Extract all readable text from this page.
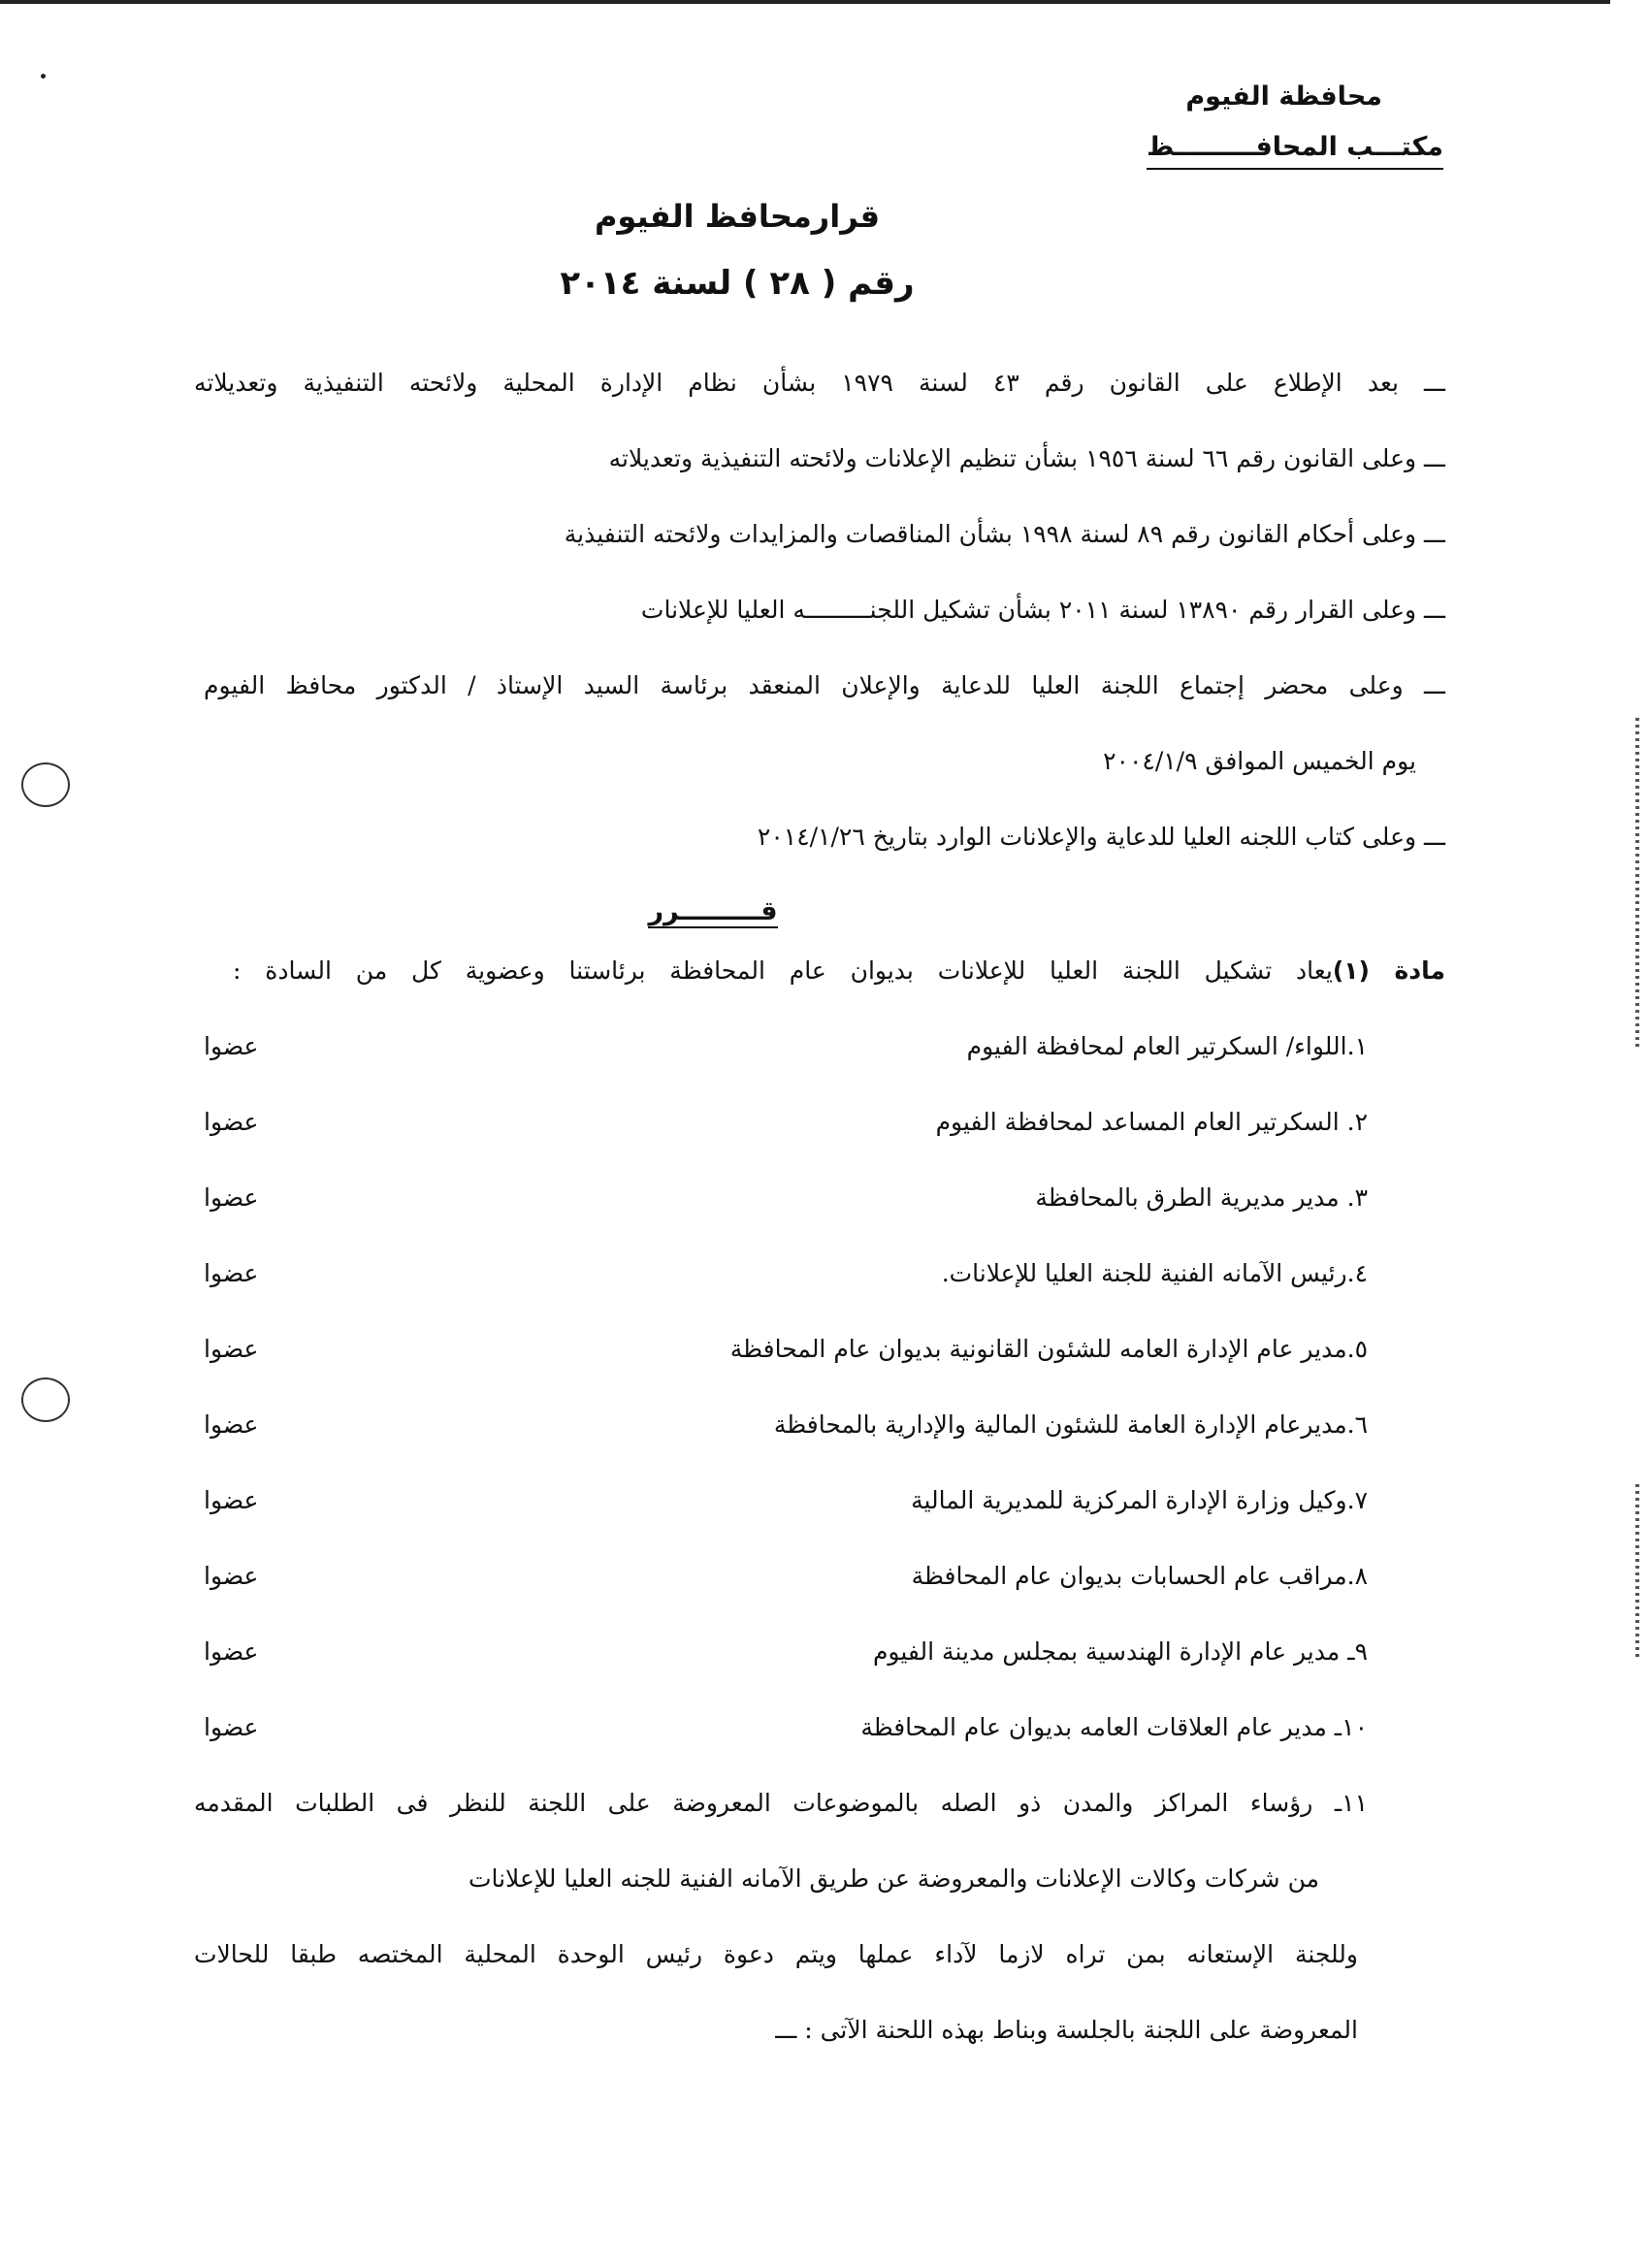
محافظة الفيوم
مكتـــب المحافـــــــــظ
قرارمحافظ الفيوم
رقم ( ٢٨ ) لسنة ٢٠١٤
ـــ بعد الإطلاع على القانون رقم ٤٣ لسنة ١٩٧٩ بشأن نظام الإدارة المحلية ولائحته التنفيذية وتعديلاته
ـــ وعلى القانون رقم ٦٦ لسنة ١٩٥٦ بشأن تنظيم الإعلانات ولائحته التنفيذية وتعديلاته
ـــ وعلى أحكام القانون رقم ٨٩ لسنة ١٩٩٨ بشأن المناقصات والمزايدات ولائحته التنفيذية
ـــ وعلى القرار رقم ١٣٨٩٠ لسنة ٢٠١١ بشأن تشكيل اللجنـــــــــه العليا للإعلانات
ـــ وعلى محضر إجتماع اللجنة العليا للدعاية والإعلان المنعقد برئاسة السيد الإستاذ / الدكتور محافظ الفيوم
يوم الخميس الموافق ٢٠٠٤/١/٩
ـــ وعلى كتاب اللجنه العليا للدعاية والإعلانات الوارد بتاريخ ٢٠١٤/١/٢٦
قـــــــــرر
مادة (١)يعاد تشكيل اللجنة العليا للإعلانات بديوان عام المحافظة برئاستنا وعضوية كل من السادة :
١.اللواء/ السكرتير العام لمحافظة الفيوم
عضوا
٢. السكرتير العام المساعد لمحافظة الفيوم
عضوا
٣. مدير مديرية الطرق بالمحافظة
عضوا
٤.رئيس الآمانه الفنية للجنة العليا للإعلانات.
عضوا
٥.مدير عام الإدارة العامه للشئون القانونية بديوان عام المحافظة
عضوا
٦.مديرعام الإدارة العامة للشئون المالية والإدارية بالمحافظة
عضوا
٧.وكيل وزارة الإدارة المركزية للمديرية المالية
عضوا
٨.مراقب عام الحسابات بديوان عام المحافظة
عضوا
٩ـ مدير عام الإدارة الهندسية بمجلس مدينة الفيوم
عضوا
١٠ـ مدير عام العلاقات العامه بديوان عام المحافظة
عضوا
١١ـ رؤساء المراكز والمدن ذو الصله بالموضوعات المعروضة على اللجنة للنظر فى الطلبات المقدمه
من شركات وكالات الإعلانات والمعروضة عن طريق الآمانه الفنية للجنه العليا للإعلانات
وللجنة الإستعانه بمن تراه لازما لآداء عملها ويتم دعوة رئيس الوحدة المحلية المختصه طبقا للحالات
المعروضة على اللجنة بالجلسة وبناط بهذه اللحنة الآتى : ـــ
